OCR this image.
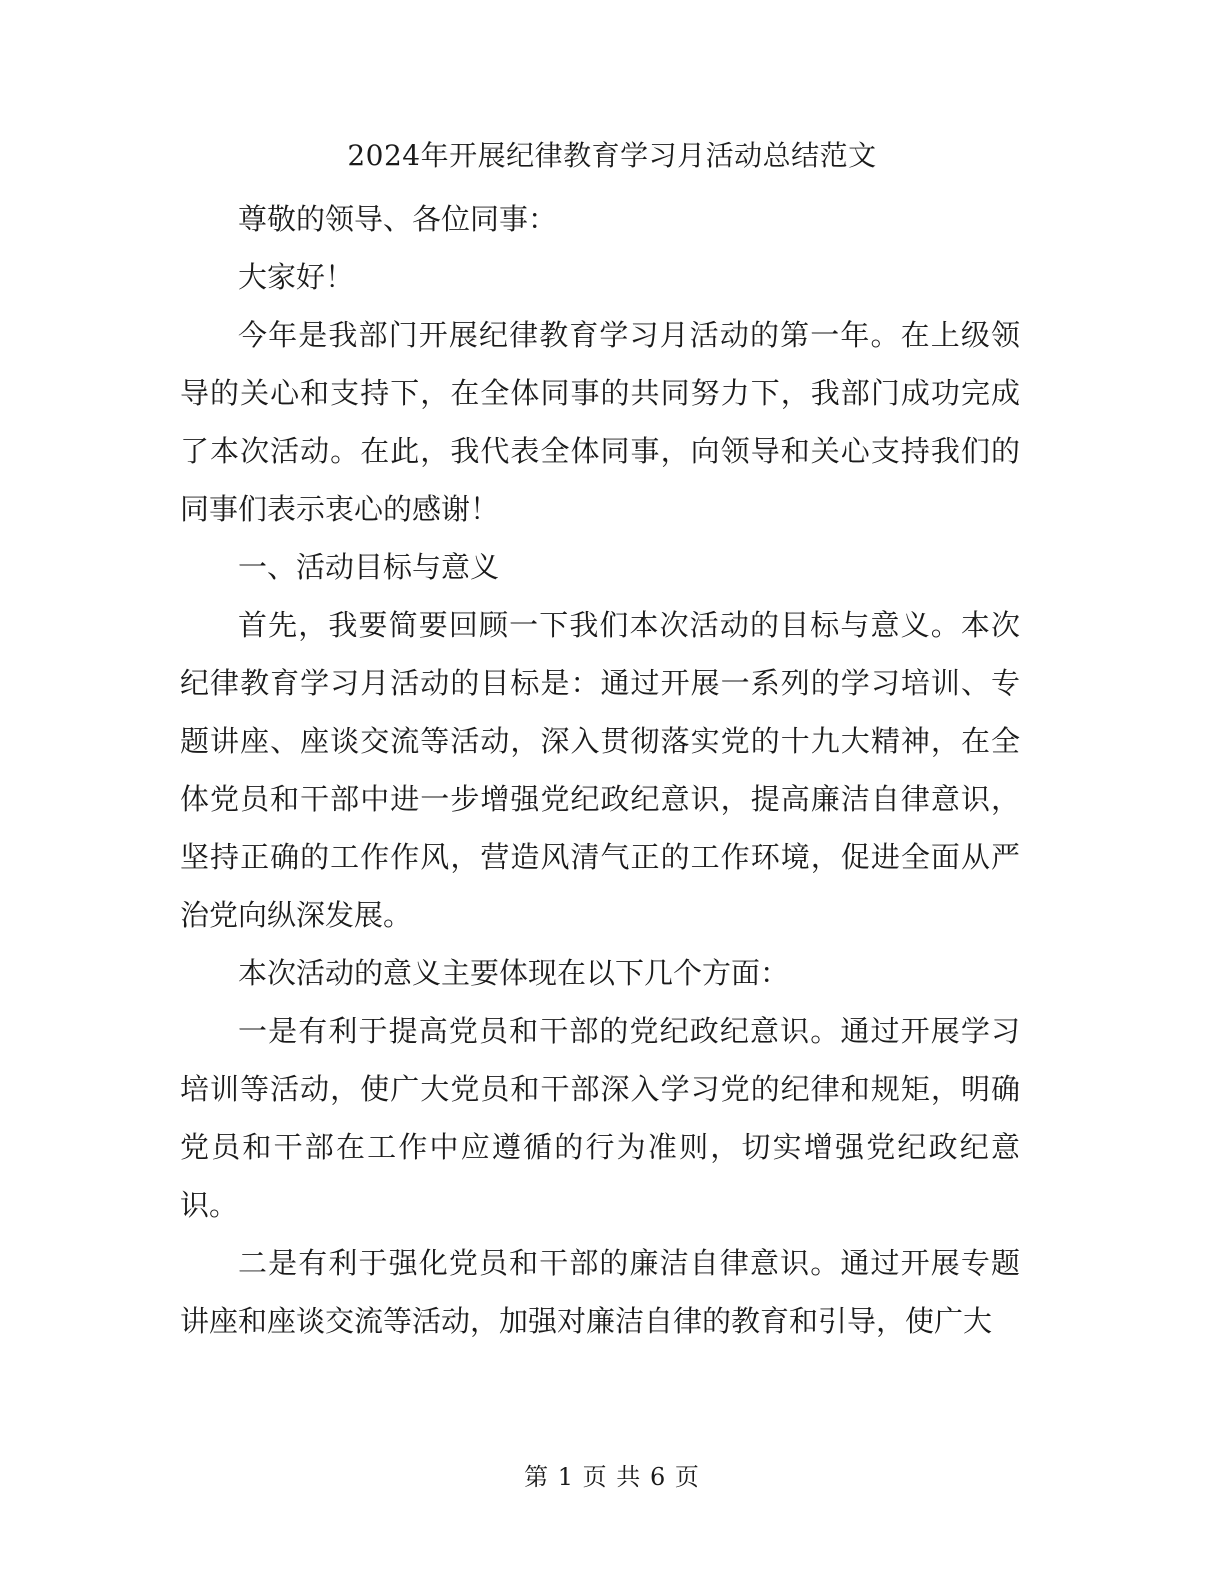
2024年开展纪律教育学习月活动总结范文

尊敬的领导、各位同事：

大家好！

今年是我部门开展纪律教育学习月活动的第一年。在上级领导的关心和支持下，在全体同事的共同努力下，我部门成功完成了本次活动。在此，我代表全体同事，向领导和关心支持我们的同事们表示衷心的感谢！

一、活动目标与意义

首先，我要简要回顾一下我们本次活动的目标与意义。本次纪律教育学习月活动的目标是：通过开展一系列的学习培训、专题讲座、座谈交流等活动，深入贯彻落实党的十九大精神，在全体党员和干部中进一步增强党纪政纪意识，提高廉洁自律意识，坚持正确的工作作风，营造风清气正的工作环境，促进全面从严治党向纵深发展。

本次活动的意义主要体现在以下几个方面：

一是有利于提高党员和干部的党纪政纪意识。通过开展学习培训等活动，使广大党员和干部深入学习党的纪律和规矩，明确党员和干部在工作中应遵循的行为准则，切实增强党纪政纪意识。

二是有利于强化党员和干部的廉洁自律意识。通过开展专题讲座和座谈交流等活动，加强对廉洁自律的教育和引导，使广大

第 1 页 共 6 页
